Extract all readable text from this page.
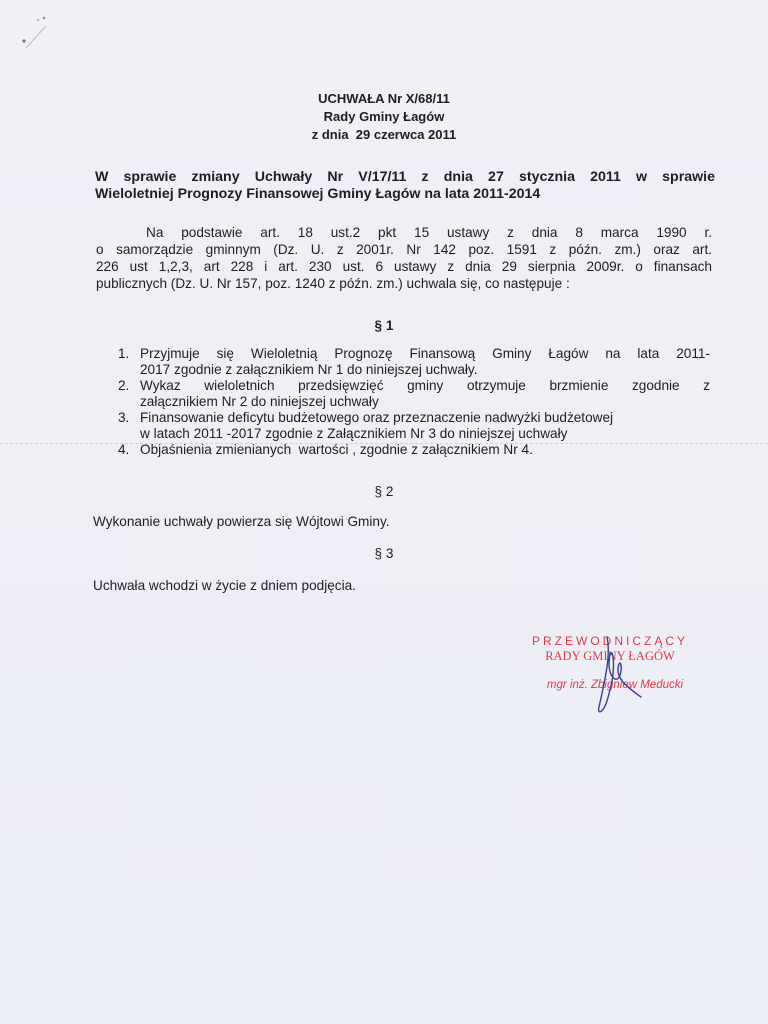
UCHWAŁA Nr X/68/11
Rady Gminy Łagów
z dnia  29 czerwca 2011
W sprawie zmiany Uchwały Nr V/17/11 z dnia 27 stycznia 2011 w sprawie
Wieloletniej Prognozy Finansowej Gminy Łagów na lata 2011-2014
Na podstawie art. 18 ust.2 pkt 15 ustawy z dnia 8 marca 1990 r.
o samorządzie gminnym (Dz. U. z 2001r. Nr 142 poz. 1591 z późn. zm.) oraz art.
226 ust 1,2,3, art 228 i art. 230 ust. 6 ustawy z dnia 29 sierpnia 2009r. o finansach
publicznych (Dz. U. Nr 157, poz. 1240 z późn. zm.) uchwala się, co następuje :
§ 1
1. Przyjmuje się Wieloletnią Prognozę Finansową Gminy Łagów na lata 2011-
2017 zgodnie z załącznikiem Nr 1 do niniejszej uchwały.
2. Wykaz wieloletnich przedsięwzięć gminy otrzymuje brzmienie zgodnie z
załącznikiem Nr 2 do niniejszej uchwały
3. Finansowanie deficytu budżetowego oraz przeznaczenie nadwyżki budżetowej
w latach 2011 -2017 zgodnie z Załącznikiem Nr 3 do niniejszej uchwały
4. Objaśnienia zmienianych  wartości , zgodnie z załącznikiem Nr 4.
§ 2
Wykonanie uchwały powierza się Wójtowi Gminy.
§ 3
Uchwała wchodzi w życie z dniem podjęcia.
PRZEWODNICZĄCY
RADY GMINY ŁAGÓW
mgr inż. Zbigniew Meducki
